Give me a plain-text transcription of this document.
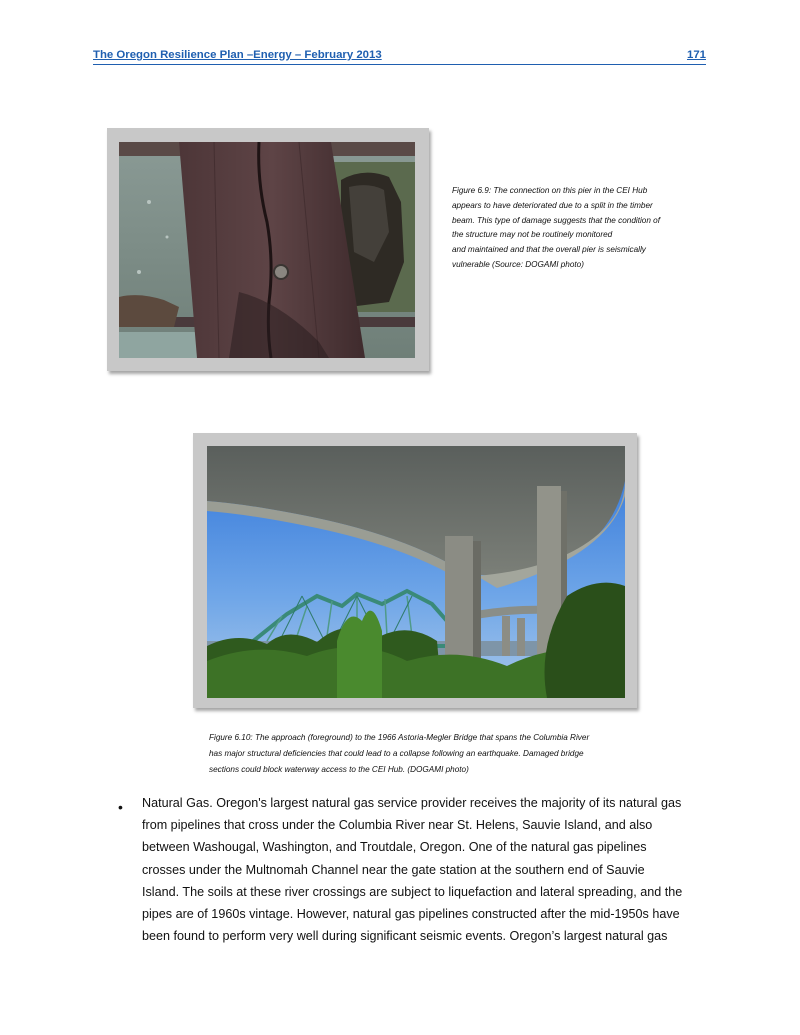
The Oregon Resilience Plan –Energy – February 2013	171
Figure 6.9: The connection on this pier in the CEI Hub
appears to have deteriorated due to a split in the timber
beam. This type of damage suggests that the condition of
the structure may not be routinely monitored
and maintained and that the overall pier is seismically
vulnerable (Source: DOGAMI photo)
Figure 6.10: The approach (foreground) to the 1966 Astoria-Megler Bridge that spans the Columbia River
has major structural deficiencies that could lead to a collapse following an earthquake. Damaged bridge
sections could block waterway access to the CEI Hub. (DOGAMI photo)
• Natural Gas. Oregon's largest natural gas service provider receives the majority of its natural gas
from pipelines that cross under the Columbia River near St. Helens, Sauvie Island, and also
between Washougal, Washington, and Troutdale, Oregon. One of the natural gas pipelines
crosses under the Multnomah Channel near the gate station at the southern end of Sauvie
Island. The soils at these river crossings are subject to liquefaction and lateral spreading, and the
pipes are of 1960s vintage. However, natural gas pipelines constructed after the mid-1950s have
been found to perform very well during significant seismic events. Oregon’s largest natural gas
